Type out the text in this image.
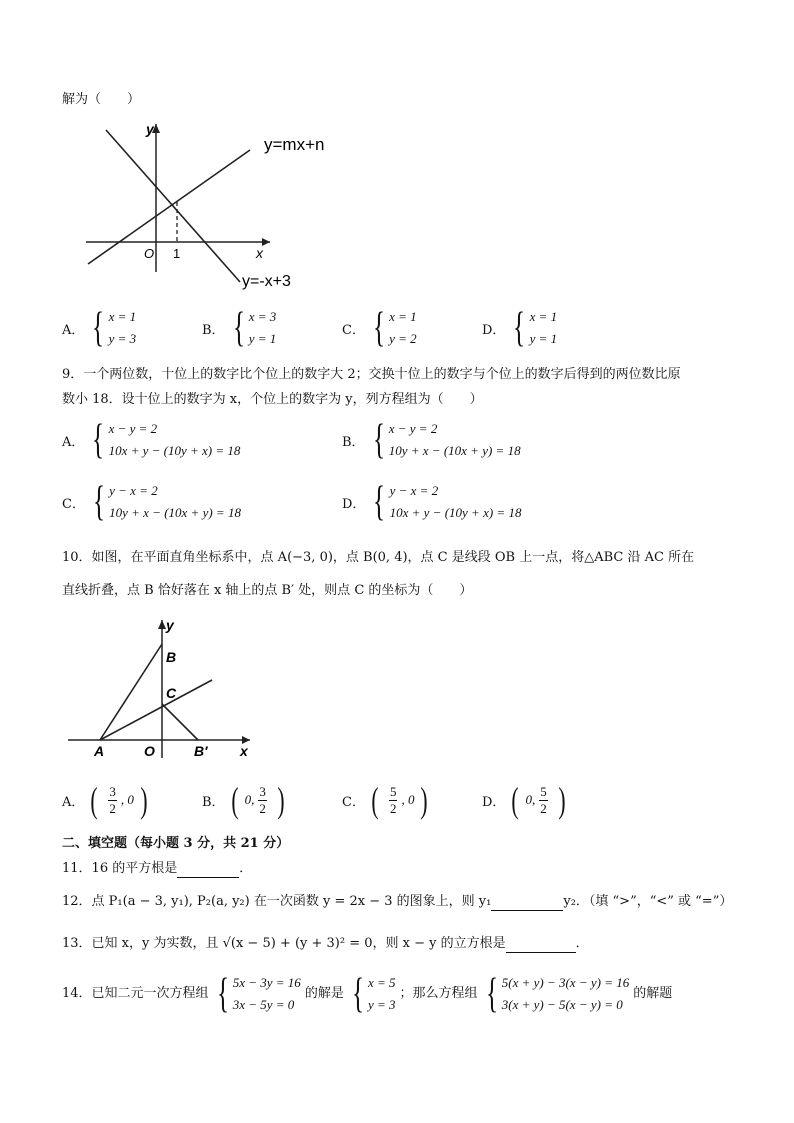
解为（　　）
y
x
O 1
y=mx+n
y=-x+3
A． { x = 1
y = 3
B． { x = 3
y = 1
C． { x = 1
y = 2
D． { x = 1
y = 1
9．一个两位数，十位上的数字比个位上的数字大 2；交换十位上的数字与个位上的数字后得到的两位数比原
数小 18．设十位上的数字为 x，个位上的数字为 y，列方程组为（　　）
A． { x − y = 2
10x + y − (10y + x) = 18
B． { x − y = 2
10y + x − (10x + y) = 18
C． { y − x = 2
10y + x − (10x + y) = 18
D． { y − x = 2
10x + y − (10y + x) = 18
10．如图，在平面直角坐标系中，点 A(−3, 0)，点 B(0, 4)，点 C 是线段 OB 上一点，将△ABC 沿 AC 所在
直线折叠，点 B 恰好落在 x 轴上的点 B′ 处，则点 C 的坐标为（　　）
y
x
B
C
A	O	B′
A． ( $\frac{3}{2}$ , 0 )	B． ( 0, $\frac{3}{2}$ )	C． ( $\frac{5}{2}$ , 0 )	D． ( 0, $\frac{5}{2}$ )
二、填空题（每小题 3 分，共 21 分）
11．16 的平方根是	．
12．点 P₁(a − 3, y₁), P₂(a, y₂) 在一次函数 y = 2x − 3 的图象上，则 y₁	y₂．（填 “>”，“<” 或 “=”）
13．已知 x，y 为实数，且 √(x − 5) + (y + 3)² = 0，则 x − y 的立方根是	．
14．已知二元一次方程组 { 5x − 3y = 16
3x − 5y = 0
的解是 { x = 5
y = 3
；那么方程组 { 5(x + y) − 3(x − y) = 16
3(x + y) − 5(x − y) = 0
的解题
